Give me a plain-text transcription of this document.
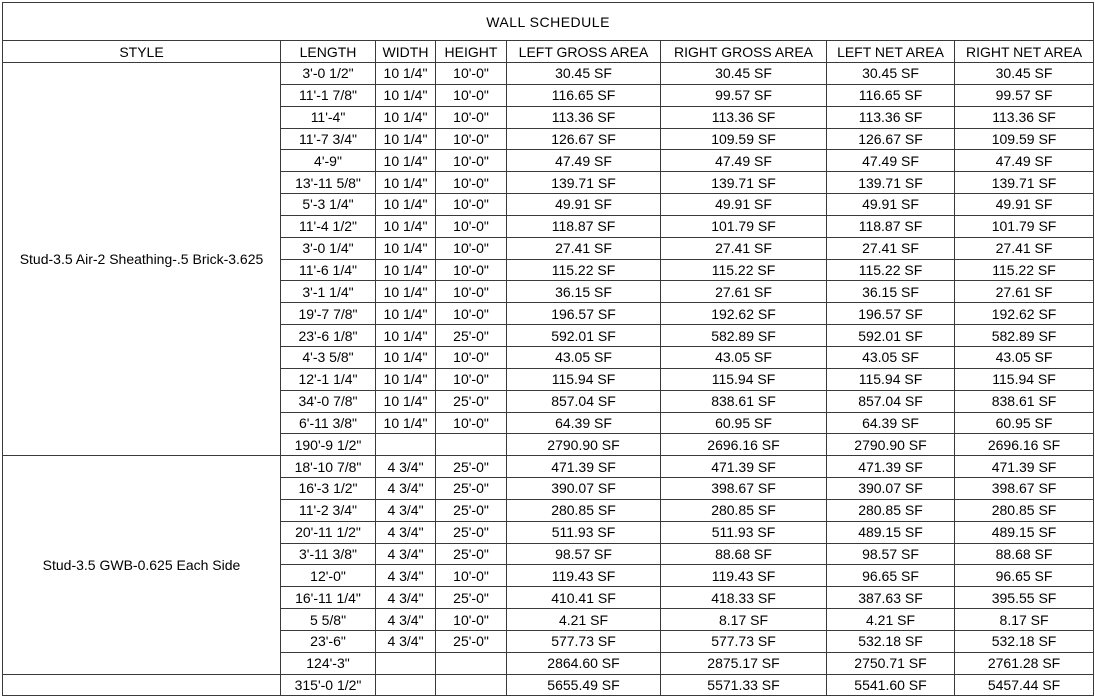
WALL SCHEDULE							
STYLE	LENGTH	WIDTH	HEIGHT	LEFT GROSS AREA	RIGHT GROSS AREA	LEFT NET AREA	RIGHT NET AREA
Stud-3.5 Air-2 Sheathing-.5 Brick-3.625	3'-0 1/2"	10 1/4"	10'-0"	30.45 SF	30.45 SF	30.45 SF	30.45 SF
	11'-1 7/8"	10 1/4"	10'-0"	116.65 SF	99.57 SF	116.65 SF	99.57 SF
	11'-4"	10 1/4"	10'-0"	113.36 SF	113.36 SF	113.36 SF	113.36 SF
	11'-7 3/4"	10 1/4"	10'-0"	126.67 SF	109.59 SF	126.67 SF	109.59 SF
	4'-9"	10 1/4"	10'-0"	47.49 SF	47.49 SF	47.49 SF	47.49 SF
	13'-11 5/8"	10 1/4"	10'-0"	139.71 SF	139.71 SF	139.71 SF	139.71 SF
	5'-3 1/4"	10 1/4"	10'-0"	49.91 SF	49.91 SF	49.91 SF	49.91 SF
	11'-4 1/2"	10 1/4"	10'-0"	118.87 SF	101.79 SF	118.87 SF	101.79 SF
	3'-0 1/4"	10 1/4"	10'-0"	27.41 SF	27.41 SF	27.41 SF	27.41 SF
	11'-6 1/4"	10 1/4"	10'-0"	115.22 SF	115.22 SF	115.22 SF	115.22 SF
	3'-1 1/4"	10 1/4"	10'-0"	36.15 SF	27.61 SF	36.15 SF	27.61 SF
	19'-7 7/8"	10 1/4"	10'-0"	196.57 SF	192.62 SF	196.57 SF	192.62 SF
	23'-6 1/8"	10 1/4"	25'-0"	592.01 SF	582.89 SF	592.01 SF	582.89 SF
	4'-3 5/8"	10 1/4"	10'-0"	43.05 SF	43.05 SF	43.05 SF	43.05 SF
	12'-1 1/4"	10 1/4"	10'-0"	115.94 SF	115.94 SF	115.94 SF	115.94 SF
	34'-0 7/8"	10 1/4"	25'-0"	857.04 SF	838.61 SF	857.04 SF	838.61 SF
	6'-11 3/8"	10 1/4"	10'-0"	64.39 SF	60.95 SF	64.39 SF	60.95 SF
	190'-9 1/2"			2790.90 SF	2696.16 SF	2790.90 SF	2696.16 SF
Stud-3.5 GWB-0.625 Each Side	18'-10 7/8"	4 3/4"	25'-0"	471.39 SF	471.39 SF	471.39 SF	471.39 SF
	16'-3 1/2"	4 3/4"	25'-0"	390.07 SF	398.67 SF	390.07 SF	398.67 SF
	11'-2 3/4"	4 3/4"	25'-0"	280.85 SF	280.85 SF	280.85 SF	280.85 SF
	20'-11 1/2"	4 3/4"	25'-0"	511.93 SF	511.93 SF	489.15 SF	489.15 SF
	3'-11 3/8"	4 3/4"	25'-0"	98.57 SF	88.68 SF	98.57 SF	88.68 SF
	12'-0"	4 3/4"	10'-0"	119.43 SF	119.43 SF	96.65 SF	96.65 SF
	16'-11 1/4"	4 3/4"	25'-0"	410.41 SF	418.33 SF	387.63 SF	395.55 SF
	5 5/8"	4 3/4"	10'-0"	4.21 SF	8.17 SF	4.21 SF	8.17 SF
	23'-6"	4 3/4"	25'-0"	577.73 SF	577.73 SF	532.18 SF	532.18 SF
	124'-3"			2864.60 SF	2875.17 SF	2750.71 SF	2761.28 SF
	315'-0 1/2"			5655.49 SF	5571.33 SF	5541.60 SF	5457.44 SF
